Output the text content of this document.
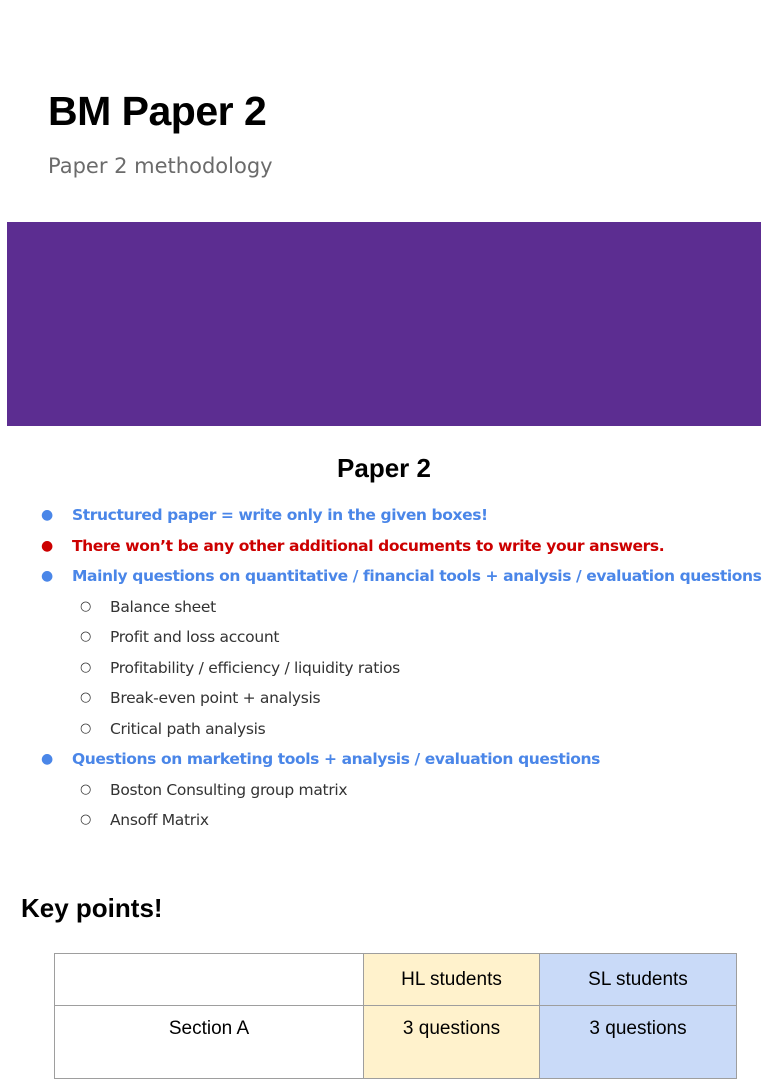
BM Paper 2
Paper 2 methodology
Paper 2
● Structured paper = write only in the given boxes!
● There won’t be any other additional documents to write your answers.
● Mainly questions on quantitative / financial tools + analysis / evaluation questions
○ Balance sheet
○ Profit and loss account
○ Profitability / efficiency / liquidity ratios
○ Break-even point + analysis
○ Critical path analysis
● Questions on marketing tools + analysis / evaluation questions
○ Boston Consulting group matrix
○ Ansoff Matrix
Key points!
	HL students	SL students
Section A	3 questions	3 questions
